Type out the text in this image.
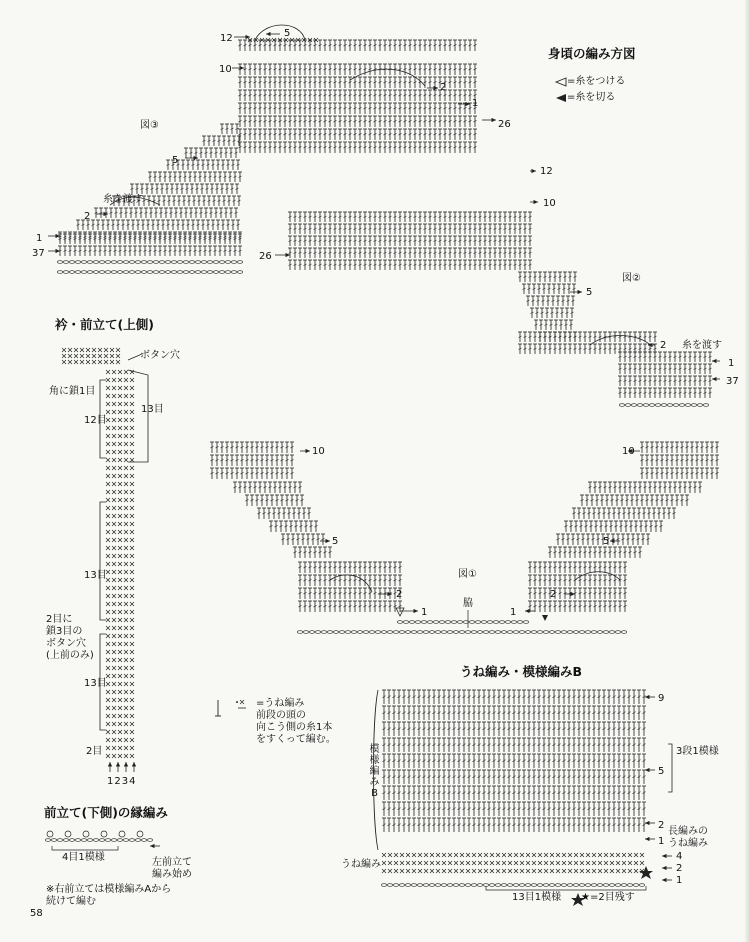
身頃の編み方図
衿・前立て(上側)
前立て(下側)の縁編み
うね編み・模様編みB
=糸をつける
=糸を切る
図③
図②
図①
12	5
10
2
1
26
5
糸を渡す
2
1
37
12
10
26
5
2 糸を渡す
1
37
10	10
5	5
2	2
1	1
脇
ボタン穴
角に鎖1目
13目
12目
13目
2目に
鎖3目の
ボタン穴
(上前のみ)
13目
2目
1234
4目1模様	左前立て
編み始め
※右前立ては模様編みAから
続けて編む
・ =うね編み
前段の頭の
向こう側の糸1本
をすくって編む。
9
5
3段1模様
2
1
長編みの
うね編み
4
2
1
うね編み
13目1模様 ★=2目残す
模様編みB
58
